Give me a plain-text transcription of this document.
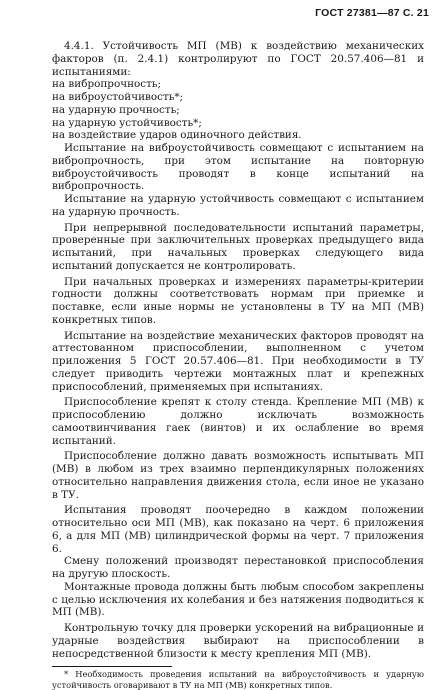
ГОСТ 27381—87 С. 21

4.4.1. Устойчивость МП (МВ) к воздействию механических факторов (п. 2.4.1) контролируют по ГОСТ 20.57.406—81 и испытаниями:

на вибропрочность;

на виброустойчивость*;

на ударную прочность;

на ударную устойчивость*;

на воздействие ударов одиночного действия.

Испытание на виброустойчивость совмещают с испытанием на вибропрочность, при этом испытание на повторную виброустойчивость проводят в конце испытаний на вибропрочность.

Испытание на ударную устойчивость совмещают с испытанием на ударную прочность.

При непрерывной последовательности испытаний параметры, проверенные при заключительных проверках предыдущего вида испытаний, при начальных проверках следующего вида испытаний допускается не контролировать.

При начальных проверках и измерениях параметры-критерии годности должны соответствовать нормам при приемке и поставке, если иные нормы не установлены в ТУ на МП (МВ) конкретных типов.

Испытание на воздействие механических факторов проводят на аттестованном приспособлении, выполненном с учетом приложения 5 ГОСТ 20.57.406—81. При необходимости в ТУ следует приводить чертежи монтажных плат и крепежных приспособлений, применяемых при испытаниях.

Приспособление крепят к столу стенда. Крепление МП (МВ) к приспособлению должно исключать возможность самоотвинчивания гаек (винтов) и их ослабление во время испытаний.

Приспособление должно давать возможность испытывать МП (МВ) в любом из трех взаимно перпендикулярных положениях относительно направления движения стола, если иное не указано в ТУ.

Испытания проводят поочередно в каждом положении относительно оси МП (МВ), как показано на черт. 6 приложения 6, а для МП (МВ) цилиндрической формы на черт. 7 приложения 6.

Смену положений производят перестановкой приспособления на другую плоскость.

Монтажные провода должны быть любым способом закреплены с целью исключения их колебания и без натяжения подводиться к МП (МВ).

Контрольную точку для проверки ускорений на вибрационные и ударные воздействия выбирают на приспособлении в непосредственной близости к месту крепления МП (МВ).

* Необходимость проведения испытаний на виброустойчивость и ударную устойчивость оговаривают в ТУ на МП (МВ) конкретных типов.
